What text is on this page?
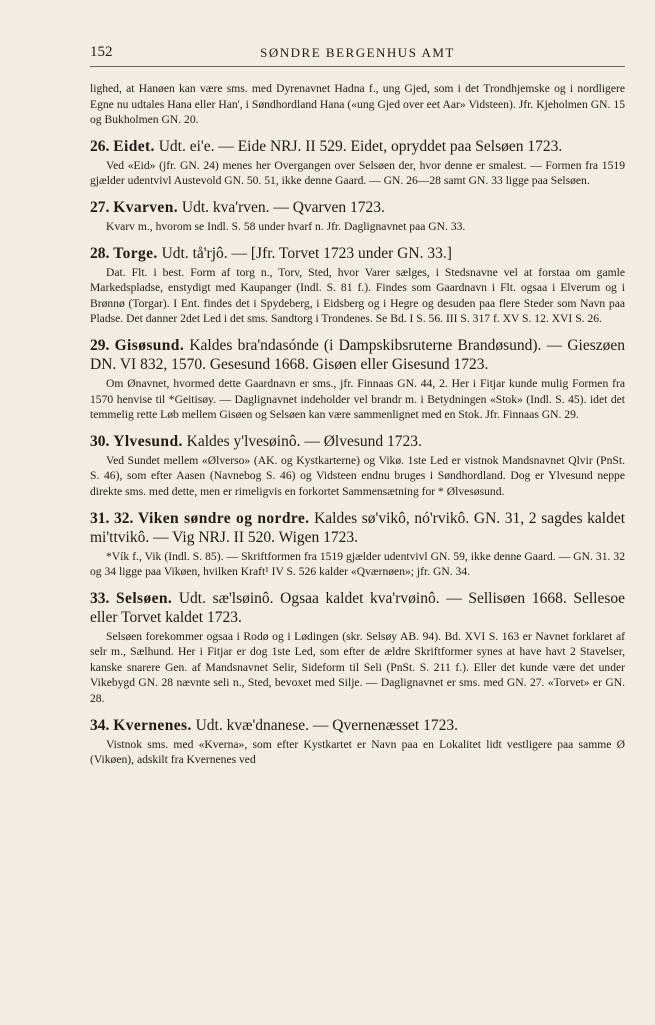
152	SØNDRE BERGENHUS AMT

lighed, at Hanøen kan være sms. med Dyrenavnet Hadna f., ung Gjed, som i det Trondhjemske og i nordligere Egne nu udtales Hana eller Han', i Søndhordland Hana («ung Gjed over eet Aar» Vidsteen). Jfr. Kjeholmen GN. 15 og Bukholmen GN. 20.

26. Eidet. Udt. ei'e. — Eide NRJ. II 529. Eidet, opryddet paa Selsøen 1723.

Ved «Eid» (jfr. GN. 24) menes her Overgangen over Selsøen der, hvor denne er smalest. — Formen fra 1519 gjælder udentvivl Austevold GN. 50. 51, ikke denne Gaard. — GN. 26—28 samt GN. 33 ligge paa Selsøen.

27. Kvarven. Udt. kva'rven. — Qvarven 1723.

Kvarv m., hvorom se Indl. S. 58 under hvarf n. Jfr. Daglignavnet paa GN. 33.

28. Torge. Udt. tå'rjô. — [Jfr. Torvet 1723 under GN. 33.]

Dat. Flt. i best. Form af torg n., Torv, Sted, hvor Varer sælges, i Stedsnavne vel at forstaa om gamle Markedspladse, enstydigt med Kaupanger (Indl. S. 81 f.). Findes som Gaardnavn i Flt. ogsaa i Elverum og i Brønnø (Torgar). I Ent. findes det i Spydeberg, i Eidsberg og i Hegre og desuden paa flere Steder som Navn paa Pladse. Det danner 2det Led i det sms. Sandtorg i Trondenes. Se Bd. I S. 56. III S. 317 f. XV S. 12. XVI S. 26.

29. Gisøsund. Kaldes bra'ndasónde (i Dampskibsruterne Brandøsund). — Gieszøen DN. VI 832, 1570. Gesesund 1668. Gisøen eller Gisesund 1723.

Om Ønavnet, hvormed dette Gaardnavn er sms., jfr. Finnaas GN. 44, 2. Her i Fitjar kunde mulig Formen fra 1570 henvise til *Geitisøy. — Daglignavnet indeholder vel brandr m. i Betydningen «Stok» (Indl. S. 45). idet det temmelig rette Løb mellem Gisøen og Selsøen kan være sammenlignet med en Stok. Jfr. Finnaas GN. 29.

30. Ylvesund. Kaldes y'lvesøinô. — Ølvesund 1723.

Ved Sundet mellem «Ølverso» (AK. og Kystkarterne) og Vikø. 1ste Led er vistnok Mandsnavnet Qlvir (PnSt. S. 46), som efter Aasen (Navnebog S. 46) og Vidsteen endnu bruges i Søndhordland. Dog er Ylvesund neppe direkte sms. med dette, men er rimeligvis en forkortet Sammensætning for * Ølvesøsund.

31. 32. Viken søndre og nordre. Kaldes sø'vikô, nó'rvikô. GN. 31, 2 sagdes kaldet mi'ttvikô. — Vig NRJ. II 520. Wigen 1723.

*Vík f., Vik (Indl. S. 85). — Skriftformen fra 1519 gjælder udentvivl GN. 59, ikke denne Gaard. — GN. 31. 32 og 34 ligge paa Vikøen, hvilken Kraft¹ IV S. 526 kalder «Qværnøen»; jfr. GN. 34.

33. Selsøen. Udt. sæ'lsøinô. Ogsaa kaldet kva'rvøinô. — Sellisøen 1668. Sellesoe eller Torvet kaldet 1723.

Selsøen forekommer ogsaa i Rodø og i Lødingen (skr. Selsøy AB. 94). Bd. XVI S. 163 er Navnet forklaret af selr m., Sælhund. Her i Fitjar er dog 1ste Led, som efter de ældre Skriftformer synes at have havt 2 Stavelser, kanske snarere Gen. af Mandsnavnet Selir, Sideform til Seli (PnSt. S. 211 f.). Eller det kunde være det under Vikebygd GN. 28 nævnte seli n., Sted, bevoxet med Silje. — Daglignavnet er sms. med GN. 27. «Torvet» er GN. 28.

34. Kvernenes. Udt. kvæ'dnanese. — Qvernenæsset 1723.

Vistnok sms. med «Kverna», som efter Kystkartet er Navn paa en Lokalitet lidt vestligere paa samme Ø (Vikøen), adskilt fra Kvernenes ved
